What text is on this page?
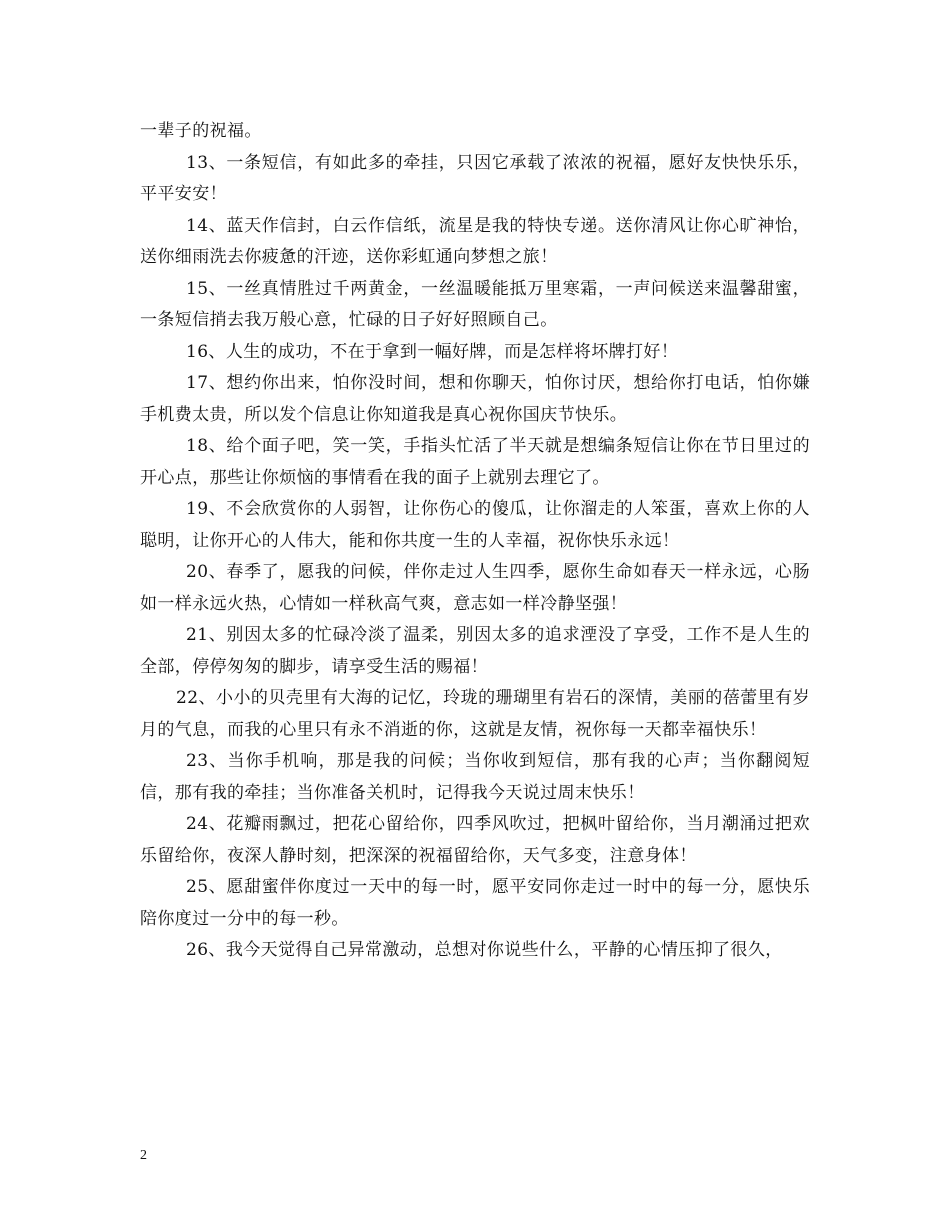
一辈子的祝福。

13、一条短信，有如此多的牵挂，只因它承载了浓浓的祝福，愿好友快快乐乐，平平安安！

14、蓝天作信封，白云作信纸，流星是我的特快专递。送你清风让你心旷神怡，送你细雨洗去你疲惫的汗迹，送你彩虹通向梦想之旅！

15、一丝真情胜过千两黄金，一丝温暖能抵万里寒霜，一声问候送来温馨甜蜜，一条短信捎去我万般心意，忙碌的日子好好照顾自己。

16、人生的成功，不在于拿到一幅好牌，而是怎样将坏牌打好！

17、想约你出来，怕你没时间，想和你聊天，怕你讨厌，想给你打电话，怕你嫌手机费太贵，所以发个信息让你知道我是真心祝你国庆节快乐。

18、给个面子吧，笑一笑，手指头忙活了半天就是想编条短信让你在节日里过的开心点，那些让你烦恼的事情看在我的面子上就别去理它了。

19、不会欣赏你的人弱智，让你伤心的傻瓜，让你溜走的人笨蛋，喜欢上你的人聪明，让你开心的人伟大，能和你共度一生的人幸福，祝你快乐永远！

20、春季了，愿我的问候，伴你走过人生四季，愿你生命如春天一样永远，心肠如一样永远火热，心情如一样秋高气爽，意志如一样冷静坚强！

21、别因太多的忙碌冷淡了温柔，别因太多的追求湮没了享受，工作不是人生的全部，停停匆匆的脚步，请享受生活的赐福！

22、小小的贝壳里有大海的记忆，玲珑的珊瑚里有岩石的深情，美丽的蓓蕾里有岁月的气息，而我的心里只有永不消逝的你，这就是友情，祝你每一天都幸福快乐！

23、当你手机响，那是我的问候；当你收到短信，那有我的心声；当你翻阅短信，那有我的牵挂；当你准备关机时，记得我今天说过周末快乐！

24、花瓣雨飘过，把花心留给你，四季风吹过，把枫叶留给你，当月潮涌过把欢乐留给你，夜深人静时刻，把深深的祝福留给你，天气多变，注意身体！

25、愿甜蜜伴你度过一天中的每一时，愿平安同你走过一时中的每一分，愿快乐陪你度过一分中的每一秒。

26、我今天觉得自己异常激动，总想对你说些什么，平静的心情压抑了很久，

2
